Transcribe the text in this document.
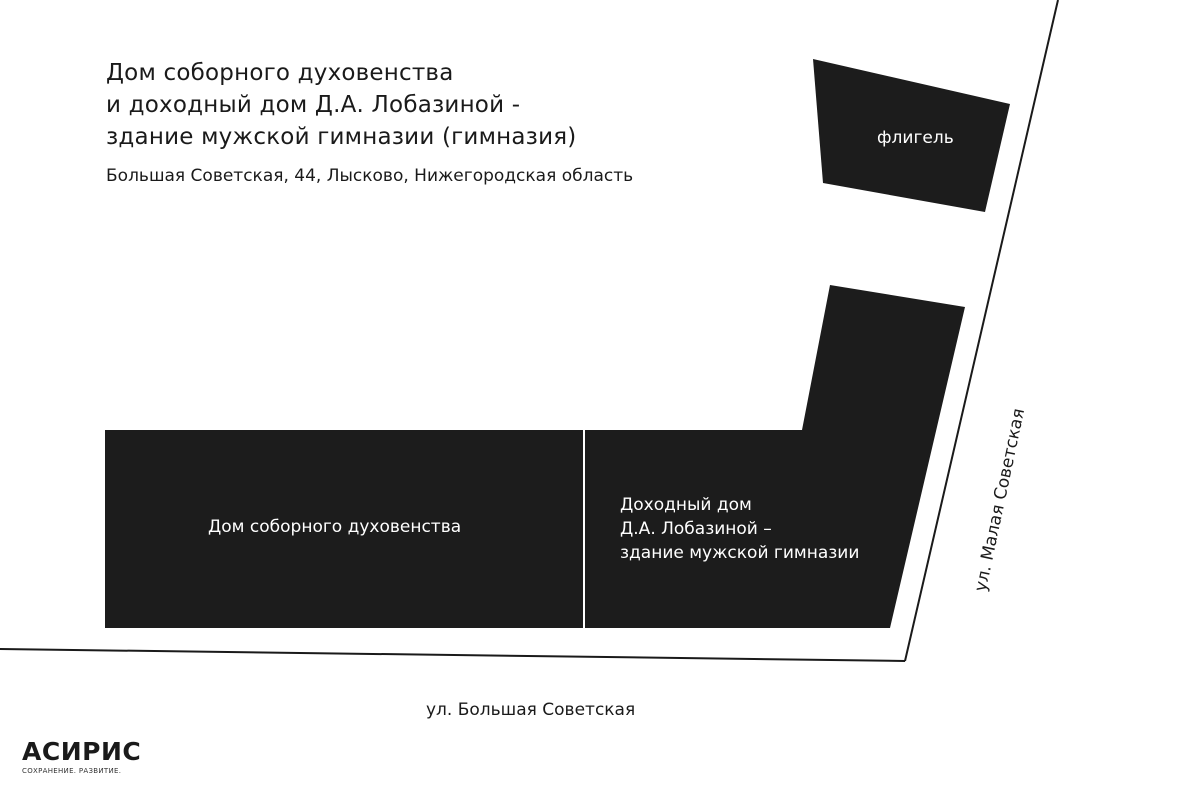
Дом соборного духовенства
и доходный дом Д.А. Лобазиной -
здание мужской гимназии (гимназия)
Большая Советская, 44, Лысково, Нижегородская область
Дом соборного духовенства
Доходный дом
Д.А. Лобазиной –
здание мужской гимназии
флигель
ул. Большая Советская
ул. Малая Советская
АСИРИС
СОХРАНЕНИЕ. РАЗВИТИЕ.
